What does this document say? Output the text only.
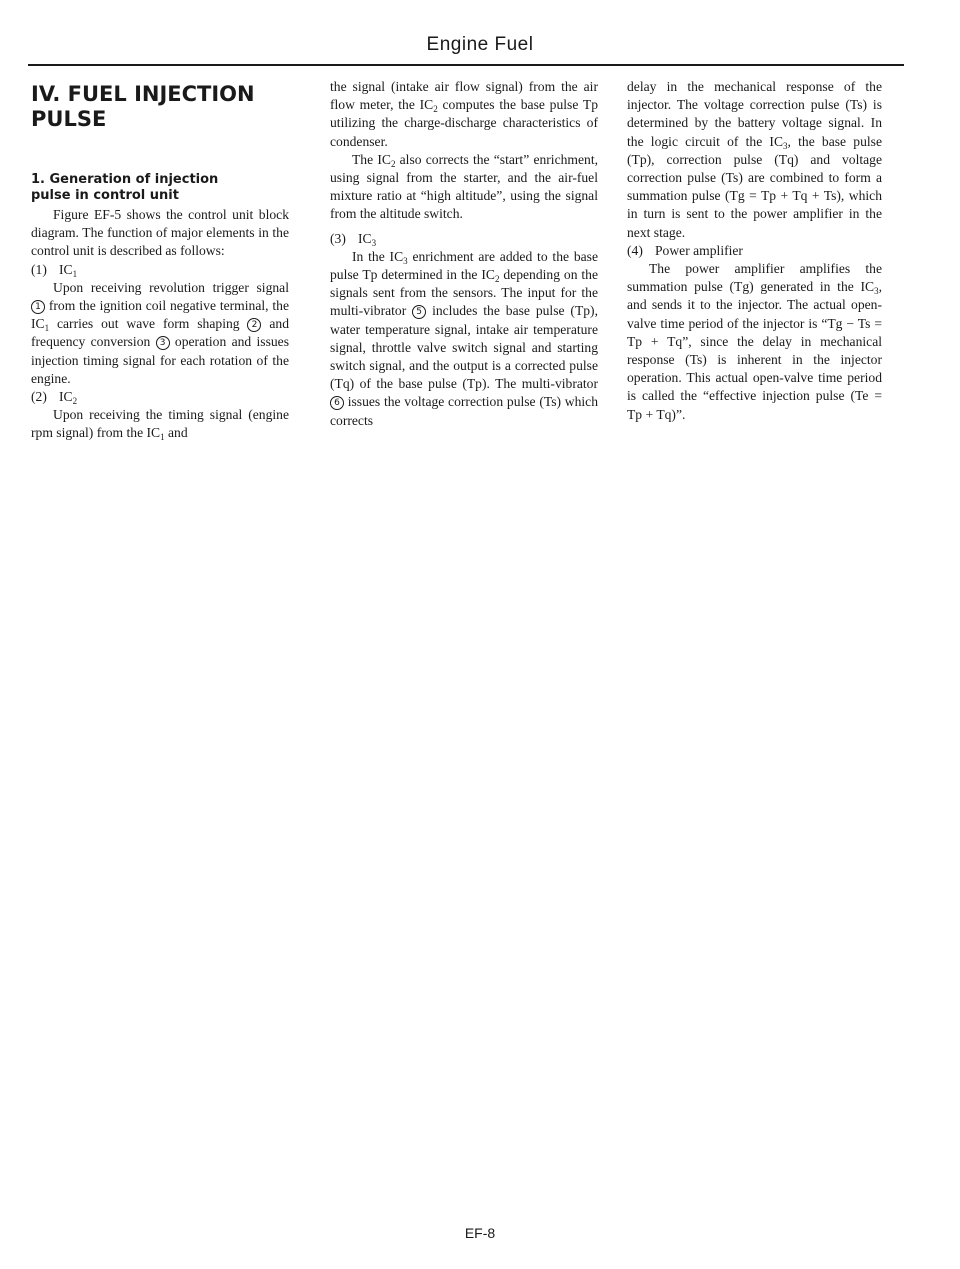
Engine Fuel
IV. FUEL INJECTION
PULSE
1. Generation of injection
pulse in control unit

Figure EF-5 shows the control unit block diagram. The function of major elements in the control unit is described as follows:

(1) $IC_1$

Upon receiving revolution trigger signal 1 from the ignition coil negative terminal, the $IC_1$ carries out wave form shaping 2 and frequency conversion 3 operation and issues injection timing signal for each rotation of the engine.

(2) $IC_2$

Upon receiving the timing signal (engine rpm signal) from the $IC_1$ and

the signal (intake air flow signal) from the air flow meter, the $IC_2$ computes the base pulse Tp utilizing the charge-discharge characteristics of condenser.

The $IC_2$ also corrects the “start” enrichment, using signal from the starter, and the air-fuel mixture ratio at “high altitude”, using the signal from the altitude switch.

(3) $IC_3$

In the $IC_3$ enrichment are added to the base pulse Tp determined in the $IC_2$ depending on the signals sent from the sensors. The input for the multi-vibrator 5 includes the base pulse (Tp), water temperature signal, intake air temperature signal, throttle valve switch signal and starting switch signal, and the output is a corrected pulse (Tq) of the base pulse (Tp). The multi-vibrator 6 issues the voltage correction pulse (Ts) which corrects

delay in the mechanical response of the injector. The voltage correction pulse (Ts) is determined by the battery voltage signal. In the logic circuit of the $IC_3$, the base pulse (Tp), correction pulse (Tq) and voltage correction pulse (Ts) are combined to form a summation pulse (Tg = Tp + Tq + Ts), which in turn is sent to the power amplifier in the next stage.

(4) Power amplifier

The power amplifier amplifies the summation pulse (Tg) generated in the $IC_3$, and sends it to the injector. The actual open-valve time period of the injector is “Tg − Ts = Tp + Tq”, since the delay in mechanical response (Ts) is inherent in the injector operation. This actual open-valve time period is called the “effective injection pulse (Te = Tp + Tq)”.

EF-8
